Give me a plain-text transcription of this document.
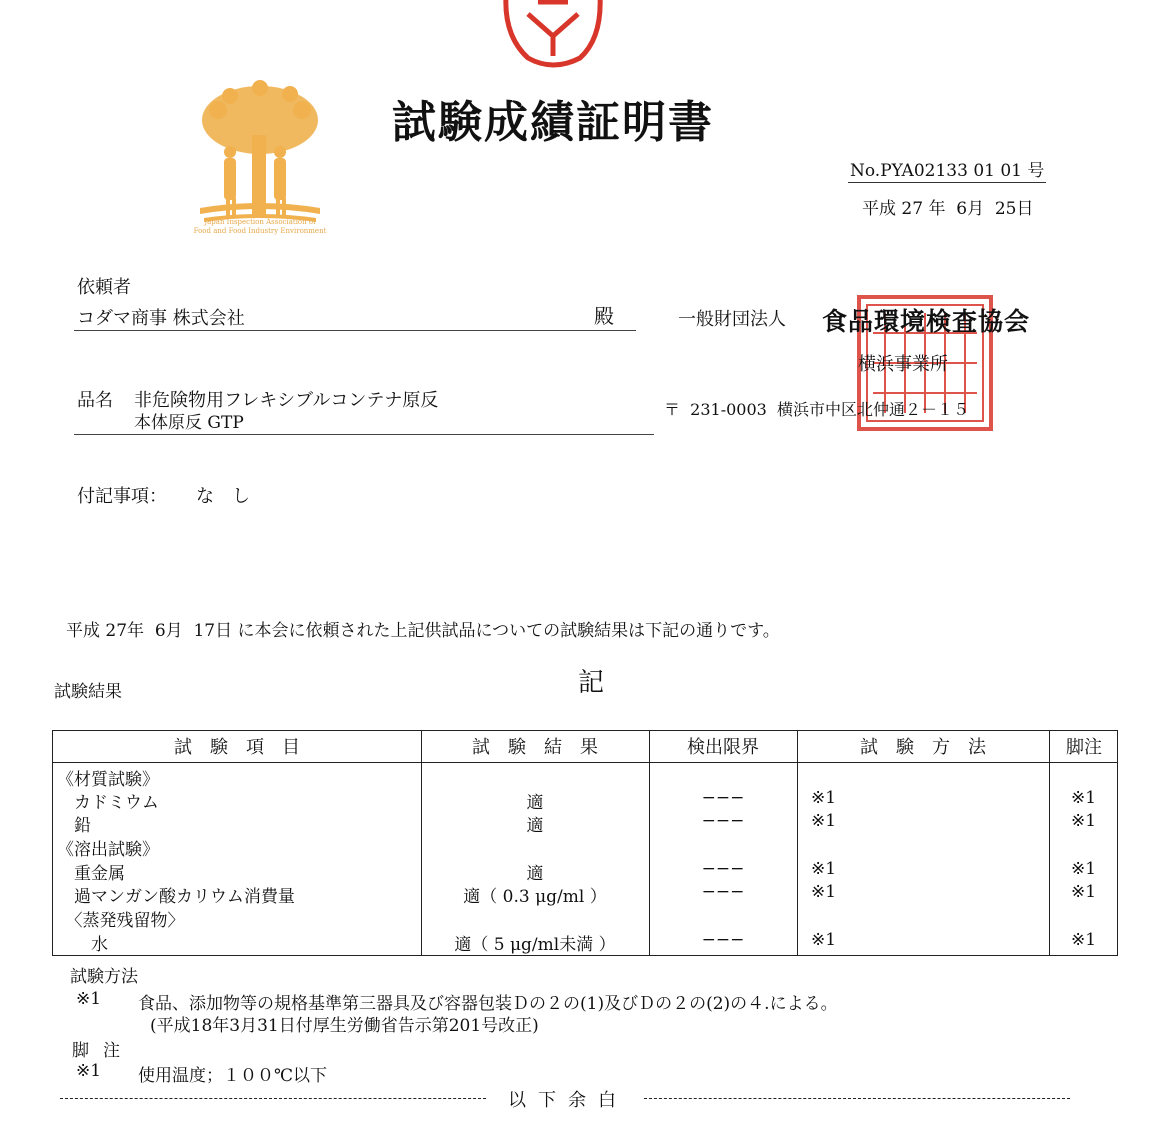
Japan Inspection Association of
Food and Food Industry Environment
試験成績証明書
No.PYA02133 01 01 号
平成 27 年  6月  25日
依頼者
コダマ商事 株式会社	殿	一般財団法人 食品環境検査協会
横浜事業所
〒  231-0003  横浜市中区北仲通２－１５
品名 非危険物用フレキシブルコンテナ原反
本体原反 GTP
付記事項： なし
平成 27年  6月  17日 に本会に依頼された上記供試品についての試験結果は下記の通りです。
記
試験結果
試　験　項　目	試　験　結　果	検出限界	試　験　方　法	脚注
《材質試験》
　カドミウム	適	−−−	※1	※1
　鉛	適	−−−	※1	※1
《溶出試験》
　重金属	適	−−−	※1	※1
　過マンガン酸カリウム消費量	適（ 0.3 μg/ml ）	−−−	※1	※1
　〈蒸発残留物〉
　　水	適（ 5 μg/ml未満 ）	−−−	※1	※1
試験方法
※1 食品、添加物等の規格基準第三器具及び容器包装Ｄの２の(1)及びＤの２の(2)の４.による。
(平成18年3月31日付厚生労働省告示第201号改正)
脚注
※1 使用温度；１００℃以下
以下余白
